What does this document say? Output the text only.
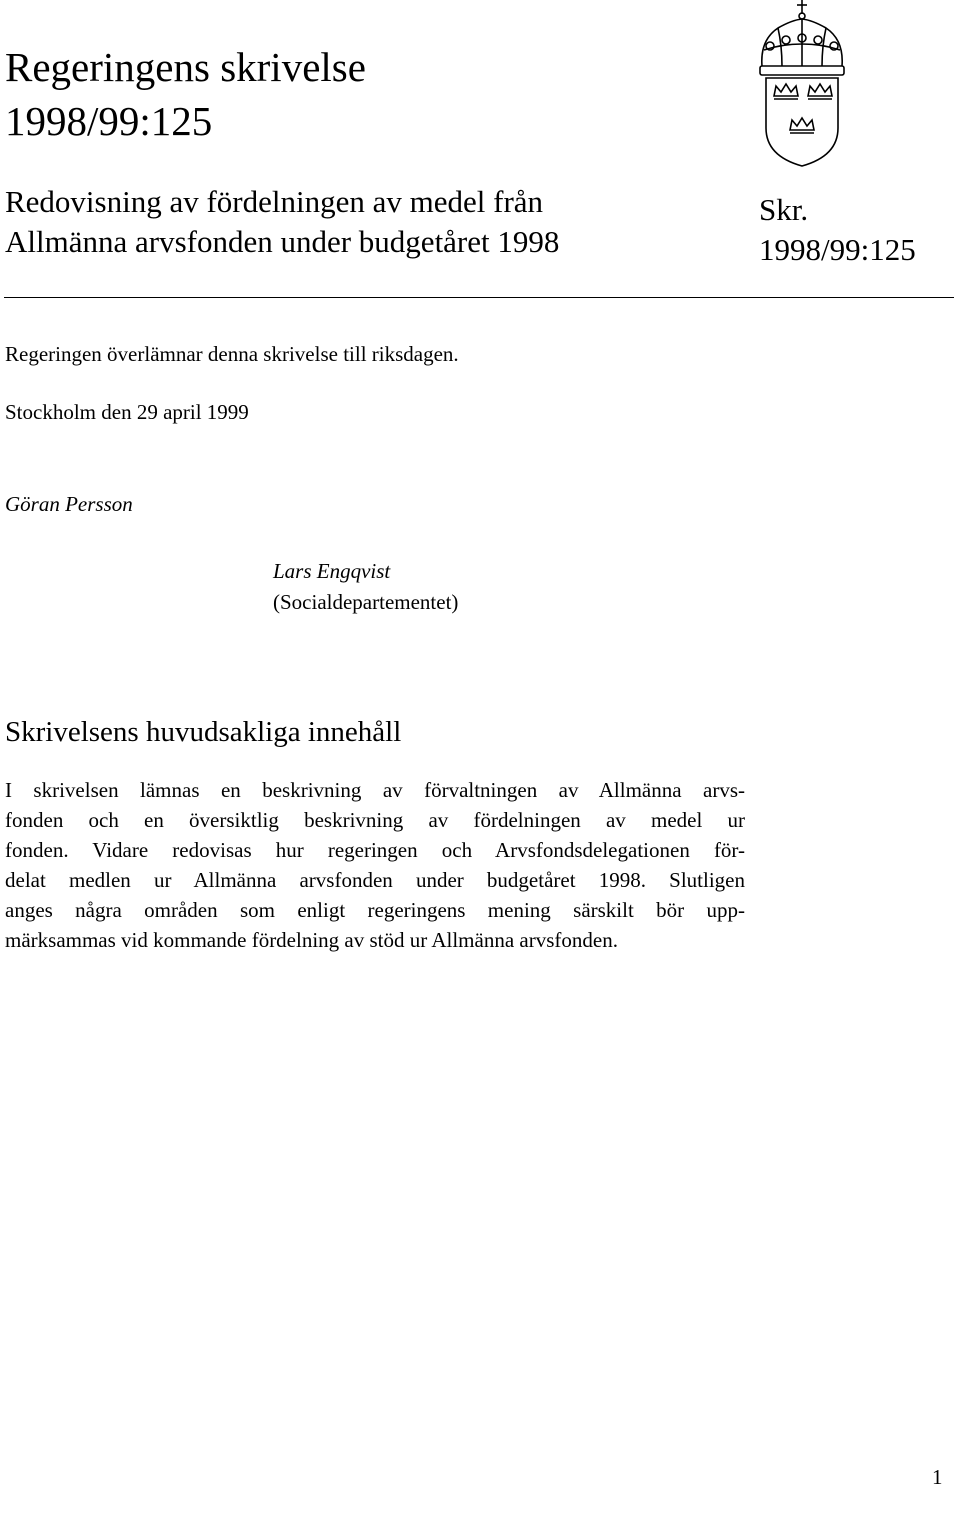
Regeringens skrivelse
1998/99:125
Redovisning av fördelningen av medel från
Allmänna arvsfonden under budgetåret 1998
Skr.
1998/99:125

Regeringen överlämnar denna skrivelse till riksdagen.

Stockholm den 29 april 1999

Göran Persson

Lars Engqvist

(Socialdepartementet)

Skrivelsens huvudsakliga innehåll
I skrivelsen lämnas en beskrivning av förvaltningen av Allmänna arvs-
fonden och en översiktlig beskrivning av fördelningen av medel ur
fonden. Vidare redovisas hur regeringen och Arvsfondsdelegationen för-
delat medlen ur Allmänna arvsfonden under budgetåret 1998. Slutligen
anges några områden som enligt regeringens mening särskilt bör upp-
märksammas vid kommande fördelning av stöd ur Allmänna arvsfonden.
1
